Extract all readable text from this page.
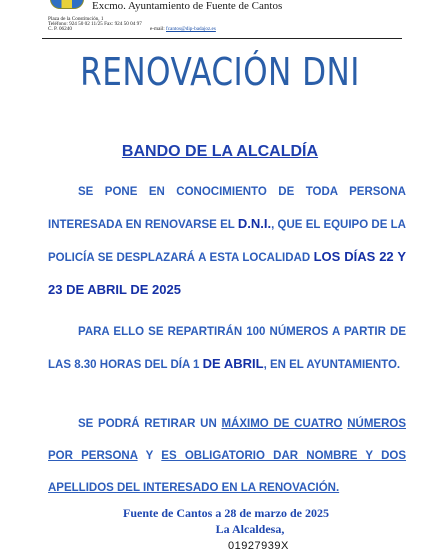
Excmo. Ayuntamiento de Fuente de Cantos
Plaza de la Constitución, 1
Teléfono: 924 50 02 11/25 Fax: 924 50 04 97
C. P. 06240	e-mail: fcantos@dip-badajoz.es
RENOVACIÓN DNI
BANDO DE LA ALCALDÍA
SE PONE EN CONOCIMIENTO DE TODA PERSONA INTERESADA EN RENOVARSE EL D.N.I., QUE EL EQUIPO DE LA POLICÍA SE DESPLAZARÁ A ESTA LOCALIDAD LOS DÍAS 22 Y 23 DE ABRIL DE 2025
PARA ELLO SE REPARTIRÁN 100 NÚMEROS A PARTIR DE LAS 8.30 HORAS DEL DÍA 1 DE ABRIL, EN EL AYUNTAMIENTO.
SE PODRÁ RETIRAR UN MÁXIMO DE CUATRO NÚMEROS POR PERSONA Y ES OBLIGATORIO DAR NOMBRE Y DOS APELLIDOS DEL INTERESADO EN LA RENOVACIÓN.
Fuente de Cantos a 28 de marzo de 2025
La Alcaldesa,
01927939X
